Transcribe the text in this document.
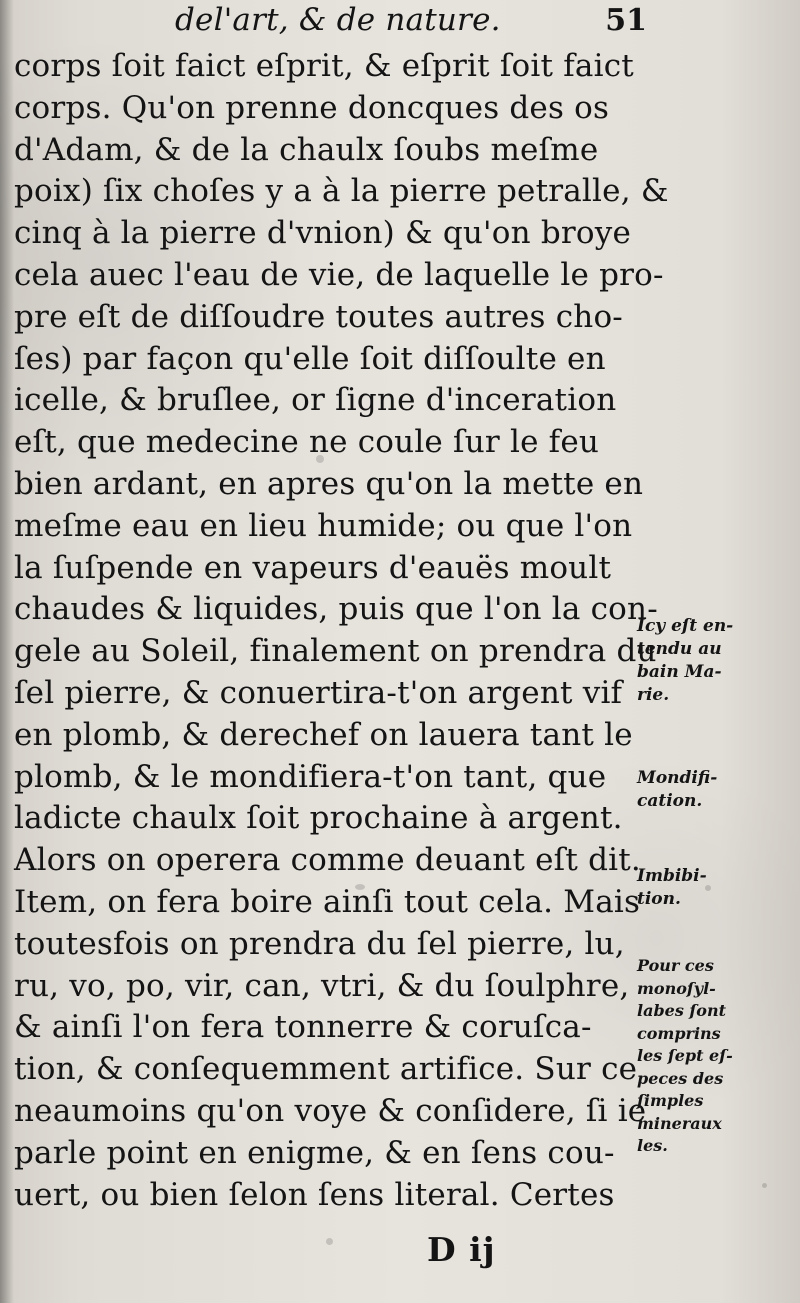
del'art, & de nature.	51
corps ſoit faict eſprit, & eſprit ſoit faict
corps. Qu'on prenne doncques des os
d'Adam, & de la chaulx ſoubs meſme
poix) ſix choſes y a à la pierre petralle, &
cinq à la pierre d'vnion) & qu'on broye
cela auec l'eau de vie, de laquelle le pro-
pre eſt de diſſoudre toutes autres cho-
ſes) par façon qu'elle ſoit diſſoulte en
icelle, & bruſlee, or ſigne d'inceration
eſt, que medecine ne coule ſur le feu
bien ardant, en apres qu'on la mette en
meſme eau en lieu humide; ou que l'on
la ſuſpende en vapeurs d'eauës moult
chaudes & liquides, puis que l'on la con-
gele au Soleil, finalement on prendra du
ſel pierre, & conuertira-t'on argent vif
en plomb, & derechef on lauera tant le
plomb, & le mondifiera-t'on tant, que
ladicte chaulx ſoit prochaine à argent.
Alors on operera comme deuant eſt dit.
Item, on fera boire ainſi tout cela. Mais
toutesfois on prendra du ſel pierre, lu,
ru, vo, po, vir, can, vtri, & du ſoulphre,
& ainſi l'on fera tonnerre & coruſca-
tion, & conſequemment artifice. Sur ce
neaumoins qu'on voye & conſidere, ſi ie
parle point en enigme, & en ſens cou-
uert, ou bien ſelon ſens literal. Certes
Icy eſt en-
tendu au
bain Ma-
rie.
Mondifi-
cation.
Imbibi-
tion.
Pour ces
monoſyl-
labes ſont
comprins
les ſept eſ-
peces des
ſimples
mineraux
les.
D ij
